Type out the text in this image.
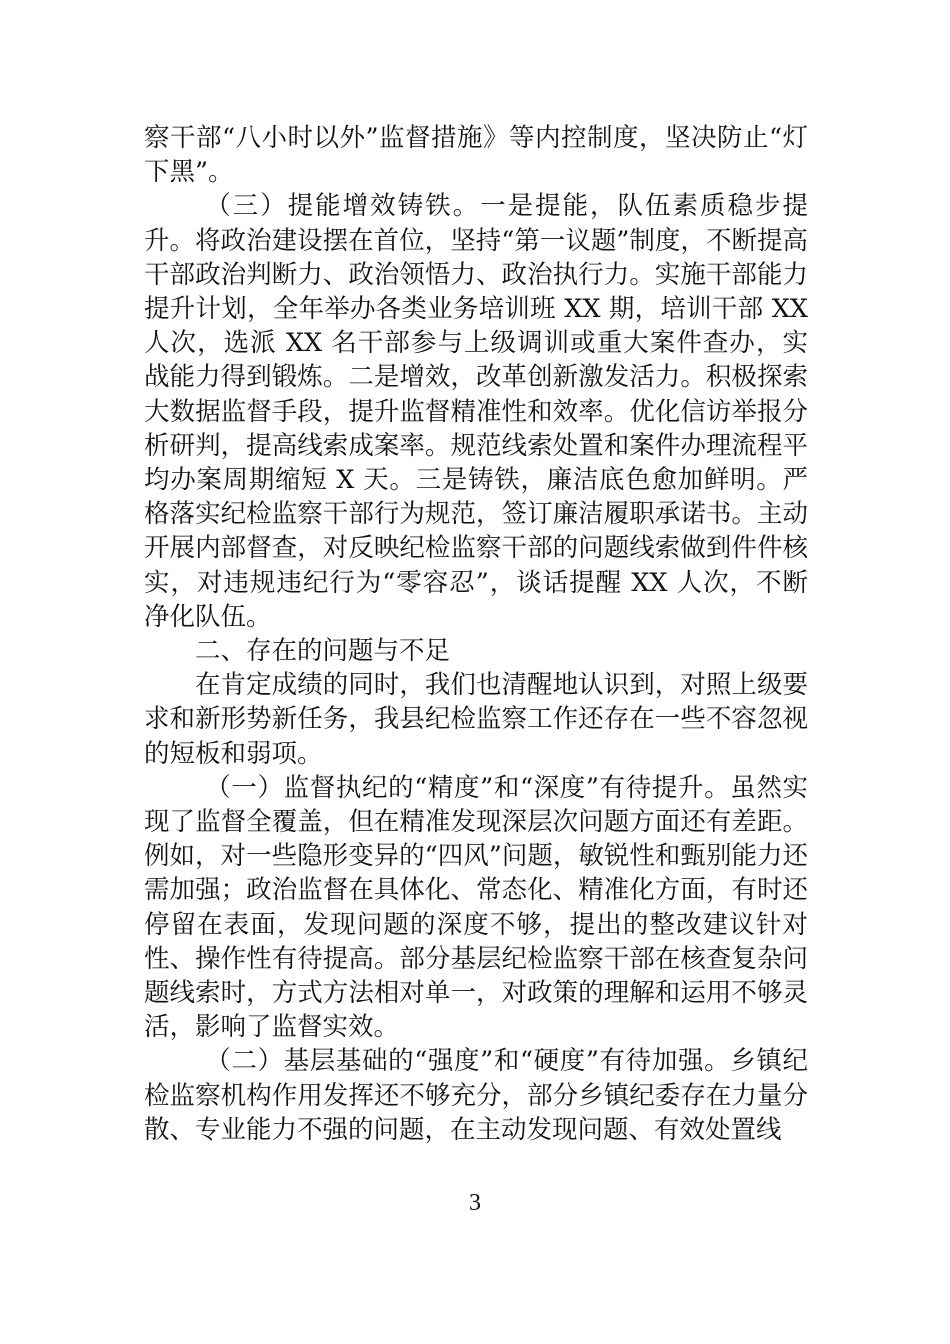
察干部“八小时以外”监督措施》等内控制度，坚决防止“灯下黑”。

（三）提能增效铸铁。一是提能，队伍素质稳步提升。将政治建设摆在首位，坚持“第一议题”制度，不断提高干部政治判断力、政治领悟力、政治执行力。实施干部能力提升计划，全年举办各类业务培训班 XX 期，培训干部 XX 人次，选派 XX 名干部参与上级调训或重大案件查办，实战能力得到锻炼。二是增效，改革创新激发活力。积极探索大数据监督手段，提升监督精准性和效率。优化信访举报分析研判，提高线索成案率。规范线索处置和案件办理流程平均办案周期缩短 X 天。三是铸铁，廉洁底色愈加鲜明。严格落实纪检监察干部行为规范，签订廉洁履职承诺书。主动开展内部督查，对反映纪检监察干部的问题线索做到件件核实，对违规违纪行为“零容忍”，谈话提醒 XX 人次，不断净化队伍。

二、存在的问题与不足

在肯定成绩的同时，我们也清醒地认识到，对照上级要求和新形势新任务，我县纪检监察工作还存在一些不容忽视的短板和弱项。

（一）监督执纪的“精度”和“深度”有待提升。虽然实现了监督全覆盖，但在精准发现深层次问题方面还有差距。例如，对一些隐形变异的“四风”问题，敏锐性和甄别能力还需加强；政治监督在具体化、常态化、精准化方面，有时还停留在表面，发现问题的深度不够，提出的整改建议针对性、操作性有待提高。部分基层纪检监察干部在核查复杂问题线索时，方式方法相对单一，对政策的理解和运用不够灵活，影响了监督实效。

（二）基层基础的“强度”和“硬度”有待加强。乡镇纪检监察机构作用发挥还不够充分，部分乡镇纪委存在力量分散、专业能力不强的问题，在主动发现问题、有效处置线

3
